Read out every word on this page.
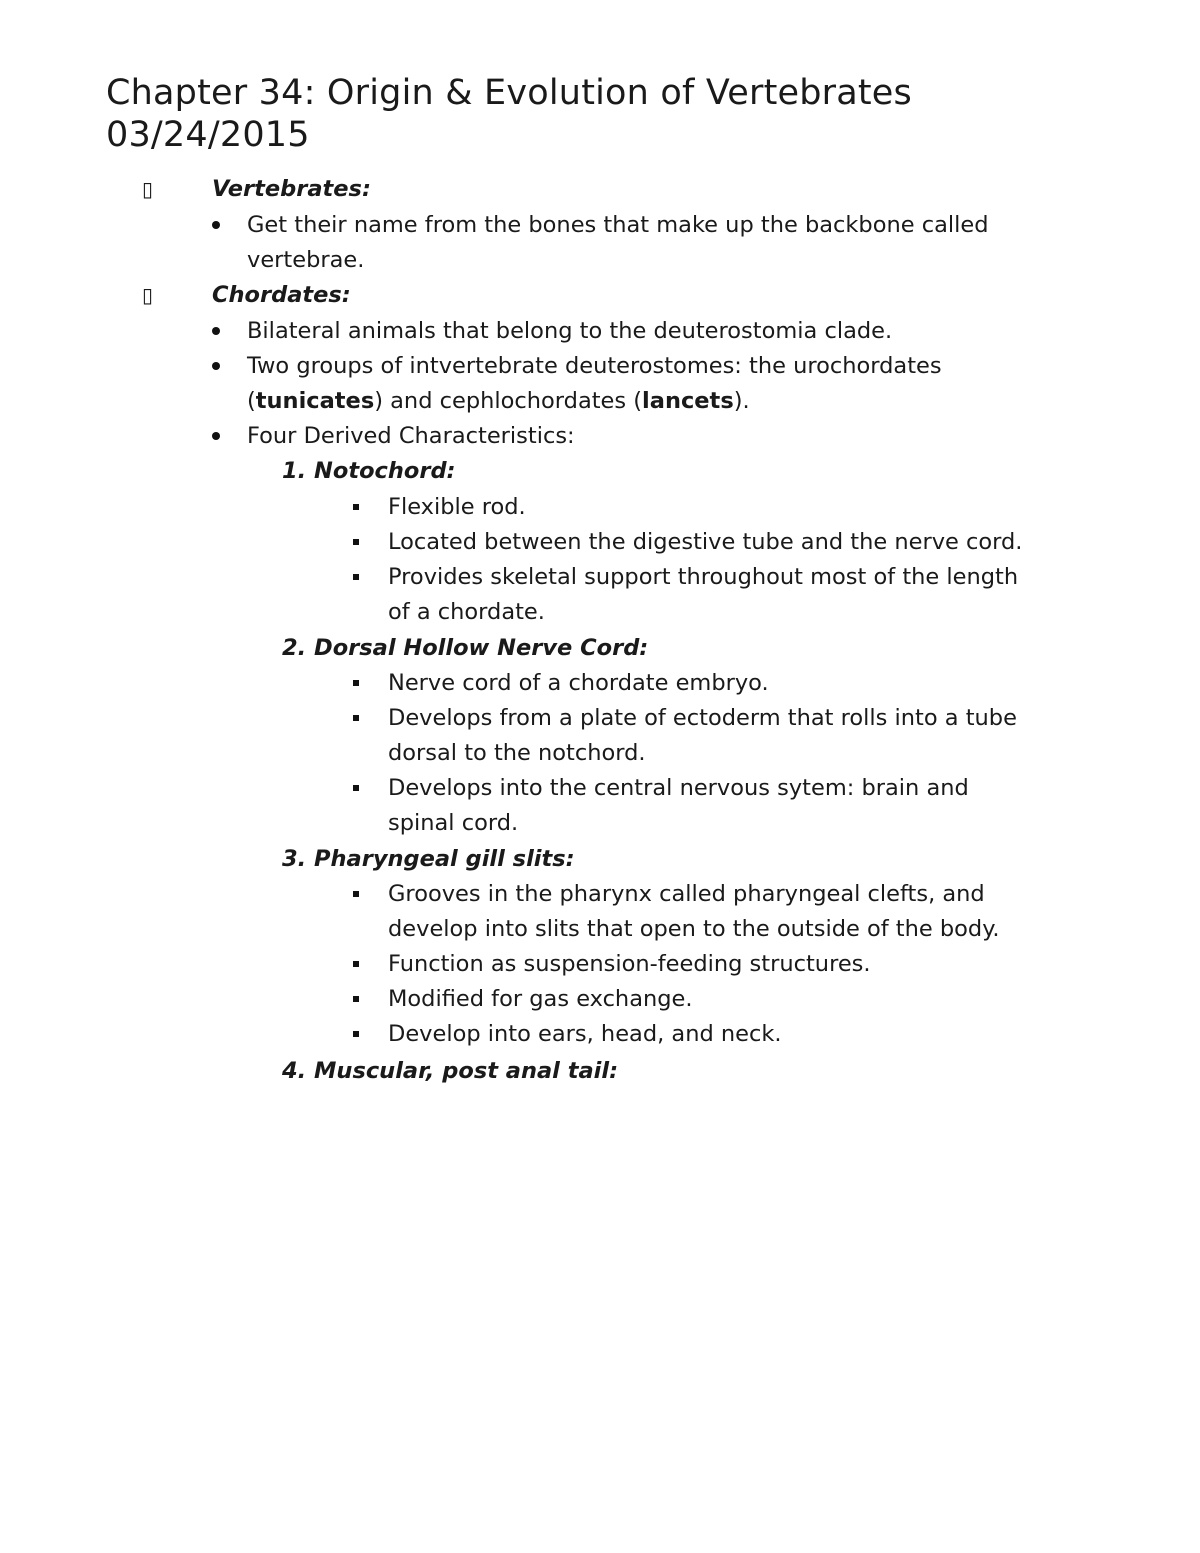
Chapter 34: Origin & Evolution of Vertebrates
03/24/2015
▯	Vertebrates:
Get their name from the bones that make up the backbone called
vertebrae.
▯	Chordates:
Bilateral animals that belong to the deuterostomia clade.
Two groups of intvertebrate deuterostomes: the urochordates
(tunicates) and cephlochordates (lancets).
Four Derived Characteristics:
1. Notochord:
Flexible rod.
Located between the digestive tube and the nerve cord.
Provides skeletal support throughout most of the length
of a chordate.
2. Dorsal Hollow Nerve Cord:
Nerve cord of a chordate embryo.
Develops from a plate of ectoderm that rolls into a tube
dorsal to the notchord.
Develops into the central nervous sytem: brain and
spinal cord.
3. Pharyngeal gill slits:
Grooves in the pharynx called pharyngeal clefts, and
develop into slits that open to the outside of the body.
Function as suspension-feeding structures.
Modified for gas exchange.
Develop into ears, head, and neck.
4. Muscular, post anal tail:
